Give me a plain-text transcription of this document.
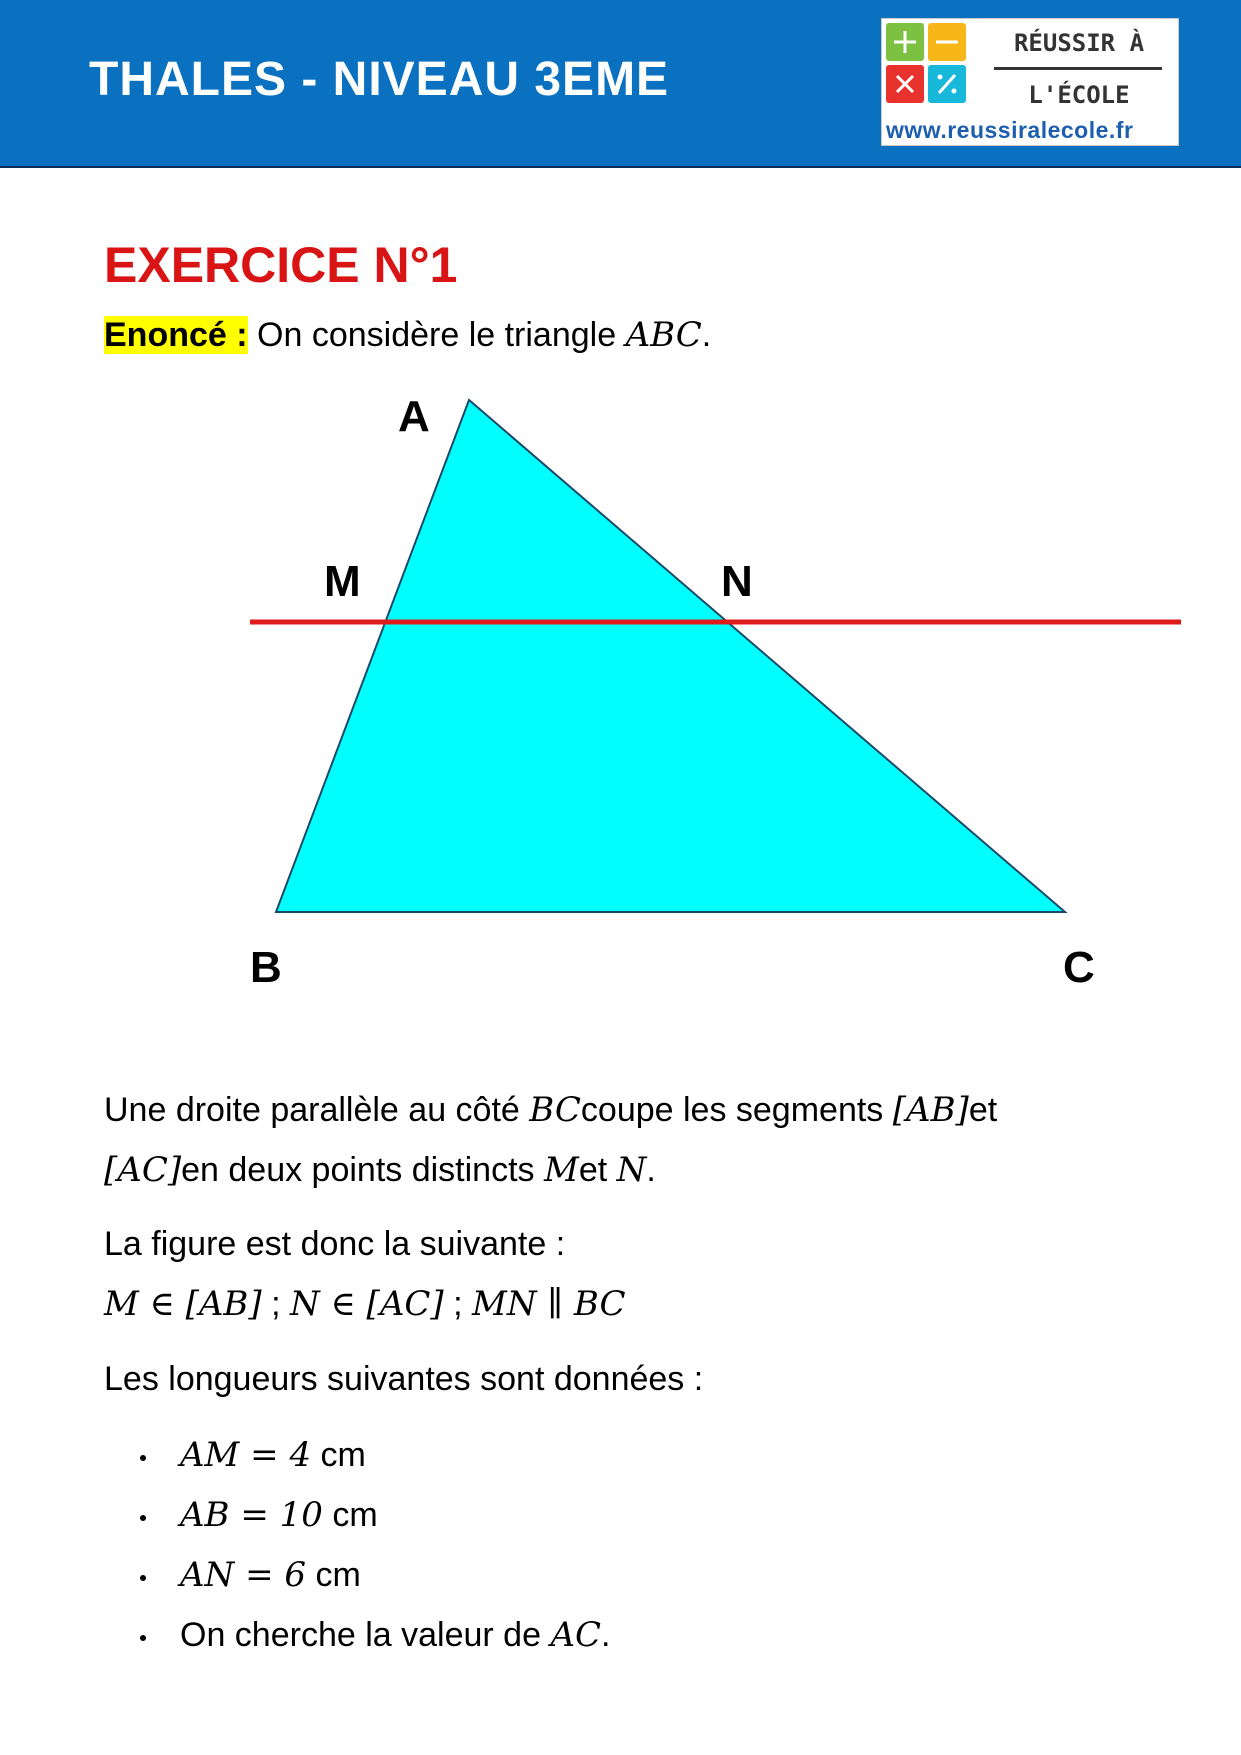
THALES - NIVEAU 3EME
RÉUSSIR À
L'ÉCOLE
www.reussiralecole.fr
EXERCICE N°1
Enoncé : On considère le triangle ABC.
A
M	N
B	C
Une droite parallèle au côté BCcoupe les segments [AB]et
[AC]en deux points distincts Met N.
La figure est donc la suivante :
M ∈ [AB] ; N ∈ [AC] ; MN ∥ BC
Les longueurs suivantes sont données :
AM = 4 cm
AB = 10 cm
AN = 6 cm
On cherche la valeur de AC.
